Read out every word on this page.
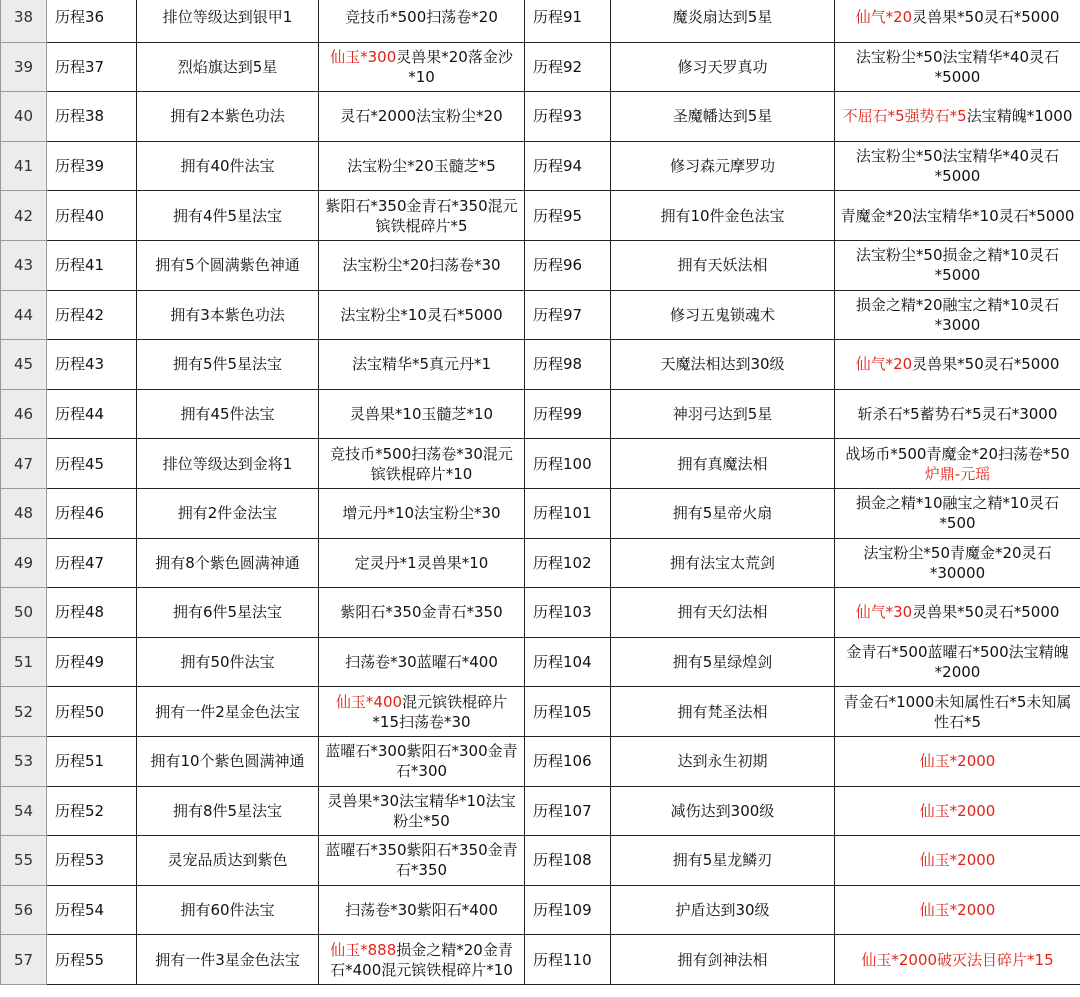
38	历程36	排位等级达到银甲1	竞技币*500扫荡卷*20	历程91	魔炎扇达到5星	仙气*20灵兽果*50灵石*5000
39	历程37	烈焰旗达到5星	仙玉*300灵兽果*20落金沙*10	历程92	修习天罗真功	法宝粉尘*50法宝精华*40灵石*5000
40	历程38	拥有2本紫色功法	灵石*2000法宝粉尘*20	历程93	圣魔幡达到5星	不屈石*5强势石*5法宝精魄*1000
41	历程39	拥有40件法宝	法宝粉尘*20玉髓芝*5	历程94	修习森元摩罗功	法宝粉尘*50法宝精华*40灵石*5000
42	历程40	拥有4件5星法宝	紫阳石*350金青石*350混元镔铁棍碎片*5	历程95	拥有10件金色法宝	青魔金*20法宝精华*10灵石*5000
43	历程41	拥有5个圆满紫色神通	法宝粉尘*20扫荡卷*30	历程96	拥有天妖法相	法宝粉尘*50损金之精*10灵石*5000
44	历程42	拥有3本紫色功法	法宝粉尘*10灵石*5000	历程97	修习五鬼锁魂术	损金之精*20融宝之精*10灵石*3000
45	历程43	拥有5件5星法宝	法宝精华*5真元丹*1	历程98	天魔法相达到30级	仙气*20灵兽果*50灵石*5000
46	历程44	拥有45件法宝	灵兽果*10玉髓芝*10	历程99	神羽弓达到5星	斩杀石*5蓄势石*5灵石*3000
47	历程45	排位等级达到金将1	竞技币*500扫荡卷*30混元镔铁棍碎片*10	历程100	拥有真魔法相	战场币*500青魔金*20扫荡卷*50炉鼎-元瑶
48	历程46	拥有2件金法宝	增元丹*10法宝粉尘*30	历程101	拥有5星帝火扇	损金之精*10融宝之精*10灵石*500
49	历程47	拥有8个紫色圆满神通	定灵丹*1灵兽果*10	历程102	拥有法宝太荒剑	法宝粉尘*50青魔金*20灵石*30000
50	历程48	拥有6件5星法宝	紫阳石*350金青石*350	历程103	拥有天幻法相	仙气*30灵兽果*50灵石*5000
51	历程49	拥有50件法宝	扫荡卷*30蓝曜石*400	历程104	拥有5星绿煌剑	金青石*500蓝曜石*500法宝精魄*2000
52	历程50	拥有一件2星金色法宝	仙玉*400混元镔铁棍碎片*15扫荡卷*30	历程105	拥有梵圣法相	青金石*1000未知属性石*5未知属性石*5
53	历程51	拥有10个紫色圆满神通	蓝曜石*300紫阳石*300金青石*300	历程106	达到永生初期	仙玉*2000
54	历程52	拥有8件5星法宝	灵兽果*30法宝精华*10法宝粉尘*50	历程107	减伤达到300级	仙玉*2000
55	历程53	灵宠品质达到紫色	蓝曜石*350紫阳石*350金青石*350	历程108	拥有5星龙鳞刃	仙玉*2000
56	历程54	拥有60件法宝	扫荡卷*30紫阳石*400	历程109	护盾达到30级	仙玉*2000
57	历程55	拥有一件3星金色法宝	仙玉*888损金之精*20金青石*400混元镔铁棍碎片*10	历程110	拥有剑神法相	仙玉*2000破灭法目碎片*15
